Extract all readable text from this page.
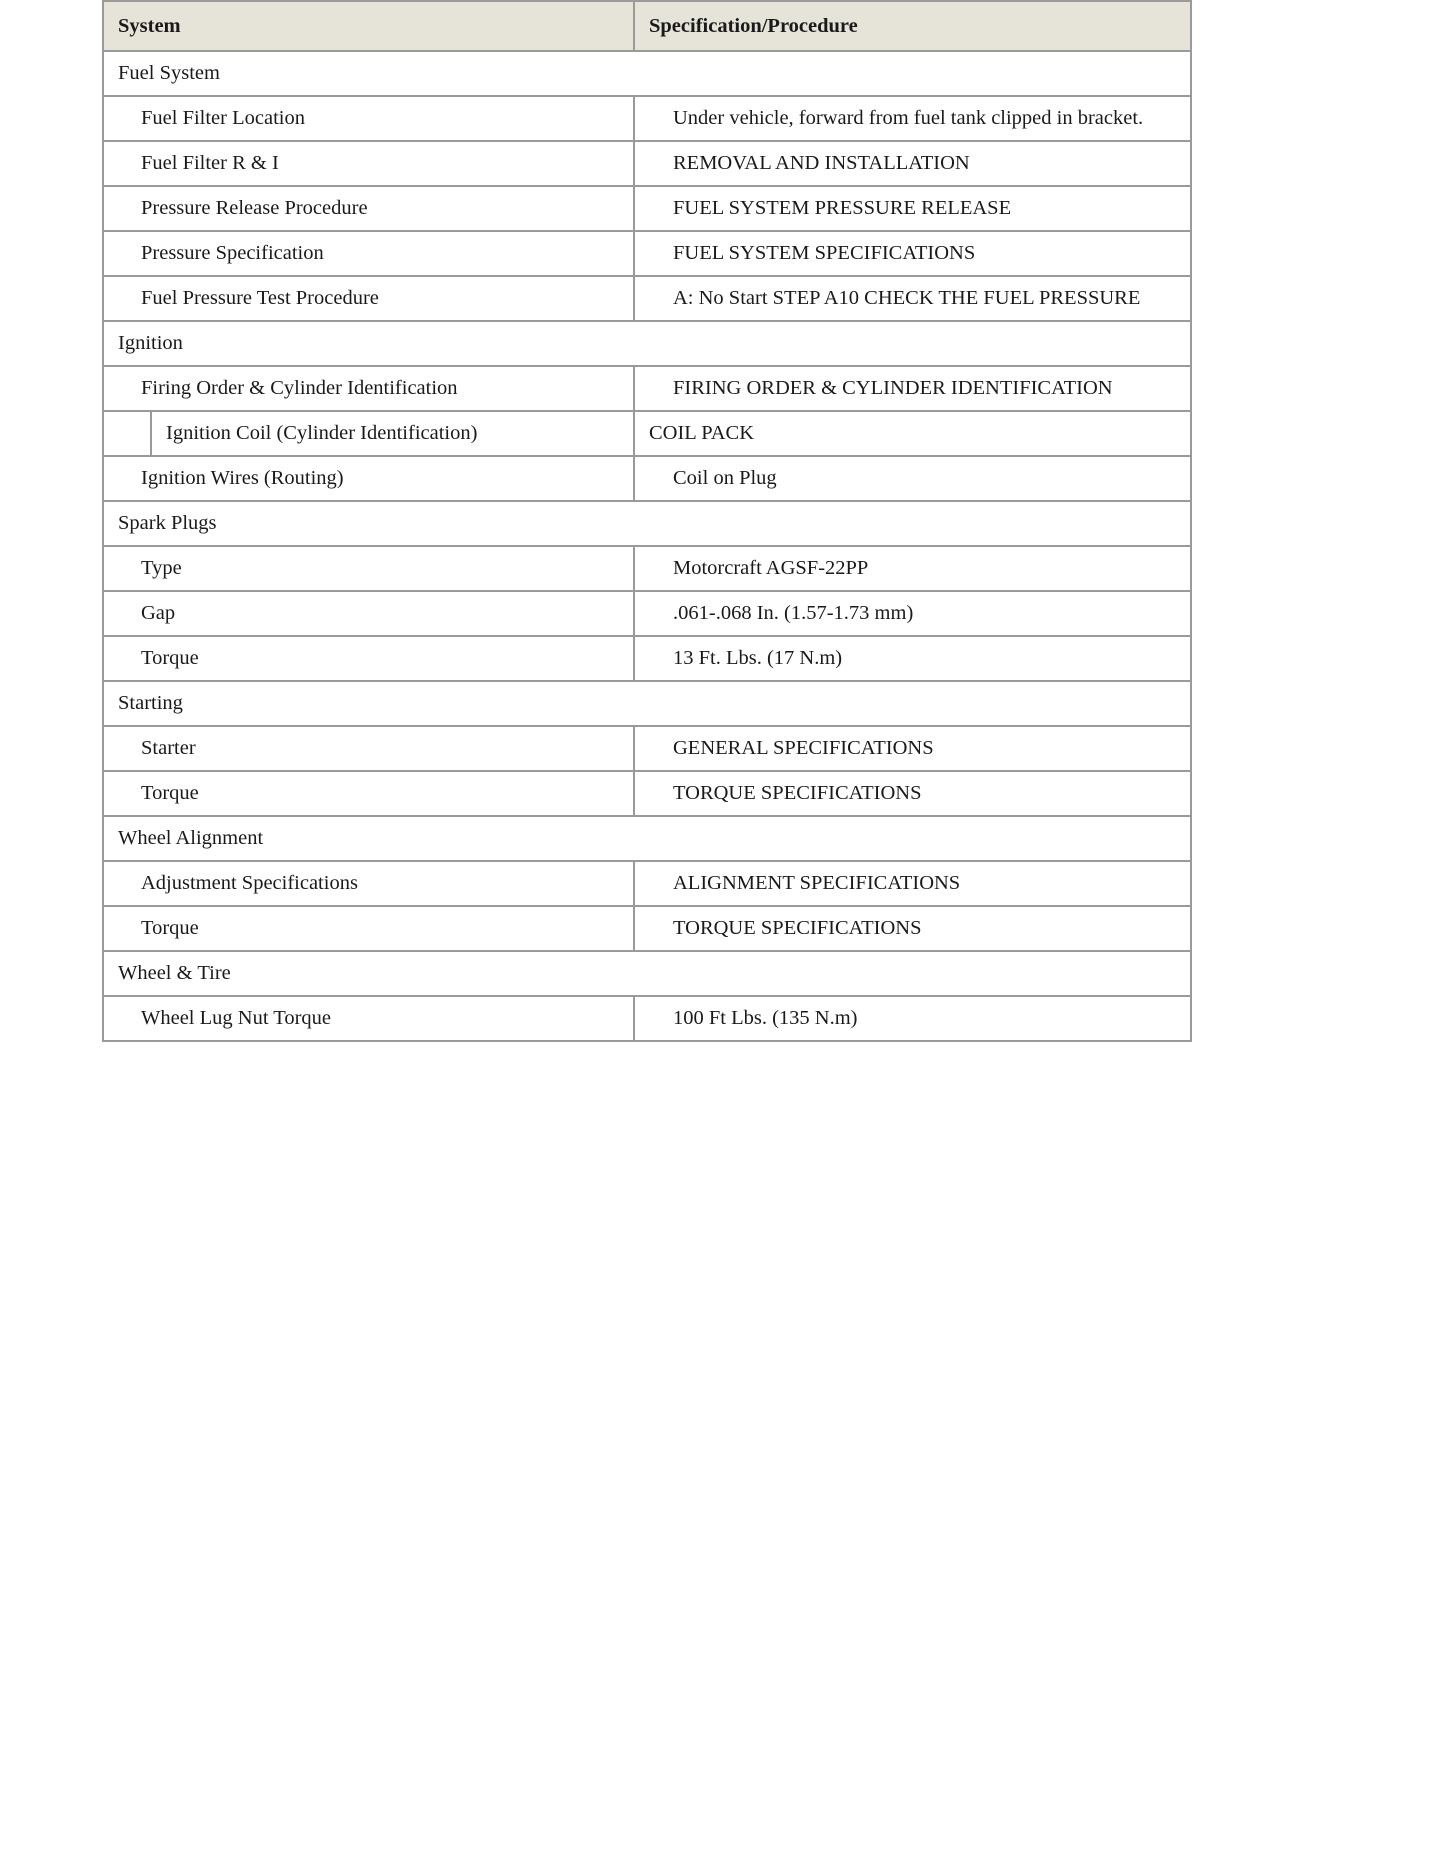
System	Specification/Procedure
Fuel System	
Fuel Filter Location	Under vehicle, forward from fuel tank clipped in bracket.
Fuel Filter R & I	REMOVAL AND INSTALLATION
Pressure Release Procedure	FUEL SYSTEM PRESSURE RELEASE
Pressure Specification	FUEL SYSTEM SPECIFICATIONS
Fuel Pressure Test Procedure	A: No Start STEP A10 CHECK THE FUEL PRESSURE
Ignition	
Firing Order & Cylinder Identification	FIRING ORDER & CYLINDER IDENTIFICATION

Ignition Coil (Cylinder Identification)	COIL PACK
Ignition Wires (Routing)	Coil on Plug
Spark Plugs	
Type	Motorcraft AGSF-22PP
Gap	.061-.068 In. (1.57-1.73 mm)
Torque	13 Ft. Lbs. (17 N.m)
Starting	
Starter	GENERAL SPECIFICATIONS
Torque	TORQUE SPECIFICATIONS
Wheel Alignment	
Adjustment Specifications	ALIGNMENT SPECIFICATIONS
Torque	TORQUE SPECIFICATIONS
Wheel & Tire	
Wheel Lug Nut Torque	100 Ft Lbs. (135 N.m)
